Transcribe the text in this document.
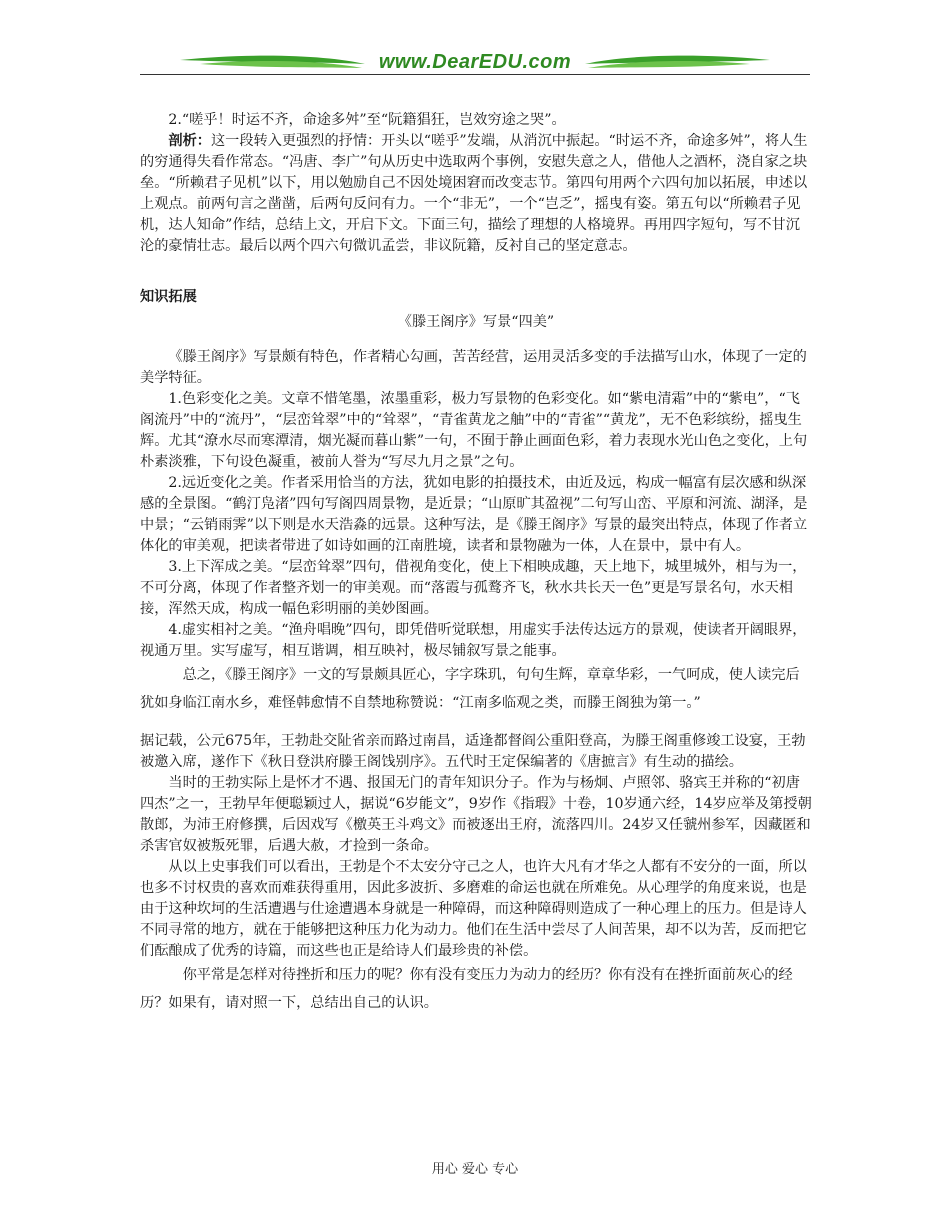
www.DearEDU.com

2.“嗟乎！时运不齐，命途多舛”至“阮籍猖狂，岂效穷途之哭”。

剖析：这一段转入更强烈的抒情：开头以“嗟乎”发端，从消沉中振起。“时运不齐，命途多舛”，将人生的穷通得失看作常态。“冯唐、李广”句从历史中选取两个事例，安慰失意之人，借他人之酒杯，浇自家之块垒。“所赖君子见机”以下，用以勉励自己不因处境困窘而改变志节。第四句用两个六四句加以拓展，申述以上观点。前两句言之凿凿，后两句反问有力。一个“非无”，一个“岂乏”，摇曳有姿。第五句以“所赖君子见机，达人知命”作结，总结上文，开启下文。下面三句，描绘了理想的人格境界。再用四字短句，写不甘沉沦的豪情壮志。最后以两个四六句微讥孟尝，非议阮籍，反衬自己的坚定意志。

知识拓展

《滕王阁序》写景“四美”

《滕王阁序》写景颇有特色，作者精心勾画，苦苦经营，运用灵活多变的手法描写山水，体现了一定的美学特征。

1.色彩变化之美。文章不惜笔墨，浓墨重彩，极力写景物的色彩变化。如“紫电清霜”中的“紫电”，“飞阁流丹”中的“流丹”，“层峦耸翠”中的“耸翠”，“青雀黄龙之舳”中的“青雀”“黄龙”，无不色彩缤纷，摇曳生辉。尤其“潦水尽而寒潭清，烟光凝而暮山紫”一句，不囿于静止画面色彩，着力表现水光山色之变化，上句朴素淡雅，下句设色凝重，被前人誉为“写尽九月之景”之句。

2.远近变化之美。作者采用恰当的方法，犹如电影的拍摄技术，由近及远，构成一幅富有层次感和纵深感的全景图。“鹤汀凫渚”四句写阁四周景物，是近景；“山原旷其盈视”二句写山峦、平原和河流、湖泽，是中景；“云销雨霁”以下则是水天浩淼的远景。这种写法，是《滕王阁序》写景的最突出特点，体现了作者立体化的审美观，把读者带进了如诗如画的江南胜境，读者和景物融为一体，人在景中，景中有人。

3.上下浑成之美。“层峦耸翠”四句，借视角变化，使上下相映成趣，天上地下，城里城外，相与为一，不可分离，体现了作者整齐划一的审美观。而“落霞与孤鹜齐飞，秋水共长天一色”更是写景名句，水天相接，浑然天成，构成一幅色彩明丽的美妙图画。

4.虚实相衬之美。“渔舟唱晚”四句，即凭借听觉联想，用虚实手法传达远方的景观，使读者开阔眼界，视通万里。实写虚写，相互谐调，相互映衬，极尽铺叙写景之能事。

总之，《滕王阁序》一文的写景颇具匠心，字字珠玑，句句生辉，章章华彩，一气呵成，使人读完后犹如身临江南水乡，难怪韩愈情不自禁地称赞说：“江南多临观之类，而滕王阁独为第一。”

据记载，公元675年，王勃赴交阯省亲而路过南昌，适逢都督阎公重阳登高，为滕王阁重修竣工设宴，王勃被邀入席，遂作下《秋日登洪府滕王阁饯别序》。五代时王定保编著的《唐摭言》有生动的描绘。

当时的王勃实际上是怀才不遇、报国无门的青年知识分子。作为与杨炯、卢照邻、骆宾王并称的“初唐四杰”之一，王勃早年便聪颖过人，据说“6岁能文”，9岁作《指瑕》十卷，10岁通六经，14岁应举及第授朝散郎，为沛王府修撰，后因戏写《檄英王斗鸡文》而被逐出王府，流落四川。24岁又任虢州参军，因藏匿和杀害官奴被叛死罪，后遇大赦，才捡到一条命。

从以上史事我们可以看出，王勃是个不太安分守己之人，也许大凡有才华之人都有不安分的一面，所以也多不讨权贵的喜欢而难获得重用，因此多波折、多磨难的命运也就在所难免。从心理学的角度来说，也是由于这种坎坷的生活遭遇与仕途遭遇本身就是一种障碍，而这种障碍则造成了一种心理上的压力。但是诗人不同寻常的地方，就在于能够把这种压力化为动力。他们在生活中尝尽了人间苦果，却不以为苦，反而把它们酝酿成了优秀的诗篇，而这些也正是给诗人们最珍贵的补偿。

你平常是怎样对待挫折和压力的呢？你有没有变压力为动力的经历？你有没有在挫折面前灰心的经历？如果有，请对照一下，总结出自己的认识。

用心 爱心 专心
